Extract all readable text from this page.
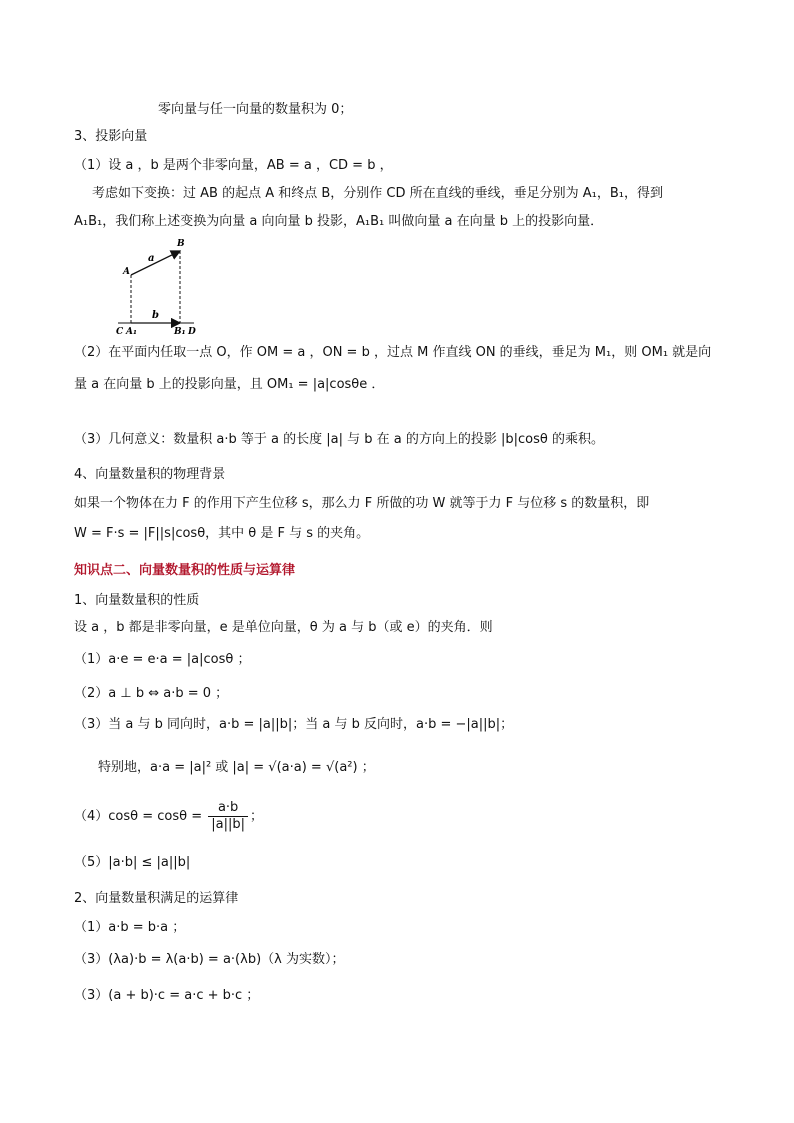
零向量与任一向量的数量积为 0；
3、投影向量
（1）设 a ，b 是两个非零向量，AB = a ，CD = b ，
考虑如下变换：过 AB 的起点 A 和终点 B，分别作 CD 所在直线的垂线，垂足分别为 A₁，B₁，得到
A₁B₁，我们称上述变换为向量 a 向向量 b 投影，A₁B₁ 叫做向量 a 在向量 b 上的投影向量．
a
b
A
B
C A₁	B₁ D
（2）在平面内任取一点 O，作 OM = a ，ON = b ，过点 M 作直线 ON 的垂线，垂足为 M₁，则 OM₁ 就是向
量 a 在向量 b 上的投影向量，且 OM₁ = |a|cosθe ．
（3）几何意义：数量积 a·b 等于 a 的长度 |a| 与 b 在 a 的方向上的投影 |b|cosθ 的乘积。
4、向量数量积的物理背景
如果一个物体在力 F 的作用下产生位移 s，那么力 F 所做的功 W 就等于力 F 与位移 s 的数量积，即
W = F·s = |F||s|cosθ，其中 θ 是 F 与 s 的夹角。
知识点二、向量数量积的性质与运算律
1、向量数量积的性质
设 a ，b 都是非零向量，e 是单位向量，θ 为 a 与 b（或 e）的夹角．则
（1）a·e = e·a = |a|cosθ ；
（2）a ⊥ b ⇔ a·b = 0 ；
（3）当 a 与 b 同向时，a·b = |a||b|；当 a 与 b 反向时，a·b = −|a||b|；
特别地，a·a = |a|² 或 |a| = √(a·a) = √(a²) ；
$(4)\cos\theta = \cos\theta = \frac{a\cdot b}{|a||b|}$ ；
（5）|a·b| ≤ |a||b|
2、向量数量积满足的运算律
（1）a·b = b·a ；
（3）(λa)·b = λ(a·b) = a·(λb)（λ 为实数）；
（3）(a + b)·c = a·c + b·c ；
